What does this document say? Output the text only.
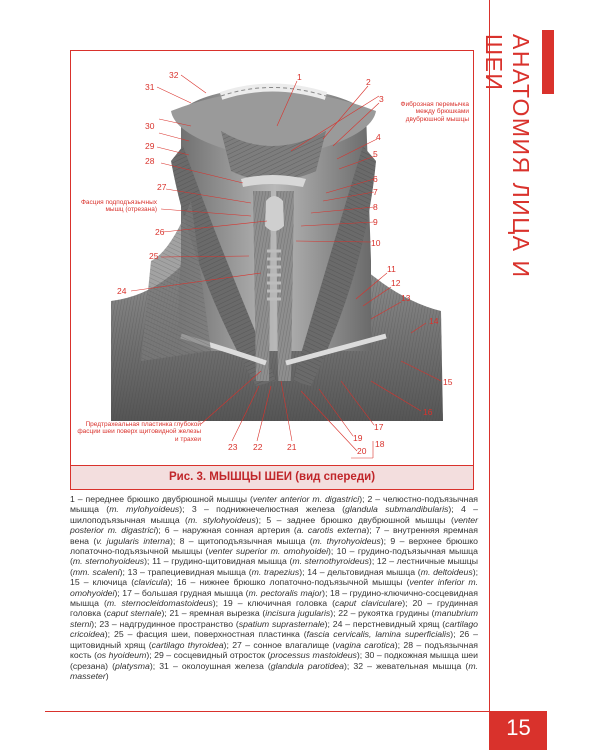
АНАТОМИЯ ЛИЦА И ШЕИ
32
31
1	2
3
4
5
6
7
8
9
10
11
12
13
14
15
16
17
19
18
20
21
22
23
24
25
26
27
28
29
30
Фиброзная перемычка между брюшками двубрюшной мышцы
Фасция подподъязычных мышц (отрезана)
Предтрахеальная пластинка глубокой фасции шеи поверх щитовидной железы и трахеи
Рис. 3. МЫШЦЫ ШЕИ (вид спереди)
1 – переднее брюшко двубрюшной мышцы (venter anterior m. digastrici); 2 – челюстно-подъязычная мышца (m. mylohyoideus); 3 – поднижнечелюстная железа (glandula submandibularis); 4 – шилоподъязычная мышца (m. stylohyoideus); 5 – заднее брюшко двубрюшной мышцы (venter posterior m. digastrici); 6 – наружная сонная артерия (a. carotis externa); 7 – внутренняя яремная вена (v. jugularis interna); 8 – щитоподъязычная мышца (m. thyrohyoideus); 9 – верхнее брюшко лопаточно-подъязычной мышцы (venter superior m. omohyoidei); 10 – грудино-подъязычная мышца (m. sternohyoideus); 11 – грудино-щитовидная мышца (m. sternothyroideus); 12 – лестничные мышцы (mm. scaleni); 13 – трапециевидная мышца (m. trapezius); 14 – дельтовидная мышца (m. deltoideus); 15 – ключица (clavicula); 16 – нижнее брюшко лопаточно-подъязычной мышцы (venter inferior m. omohyoidei); 17 – большая грудная мышца (m. pectoralis major); 18 – грудино-ключично-сосцевидная мышца (m. sternocleidomastoideus); 19 – ключичная головка (caput claviculare); 20 – грудинная головка (caput sternale); 21 – яремная вырезка (incisura jugularis); 22 – рукоятка грудины (manubrium sterni); 23 – надгрудинное пространство (spatium suprasternale); 24 – перстневидный хрящ (cartilago cricoidea); 25 – фасция шеи, поверхностная пластинка (fascia cervicalis, lamina superficialis); 26 – щитовидный хрящ (cartilago thyroidea); 27 – сонное влагалище (vagina carotica); 28 – подъязычная кость (os hyoideum); 29 – сосцевидный отросток (processus mastoideus); 30 – подкожная мышца шеи (срезана) (platysma); 31 – околоушная железа (glandula parotidea); 32 – жевательная мышца (m. masseter)
15
